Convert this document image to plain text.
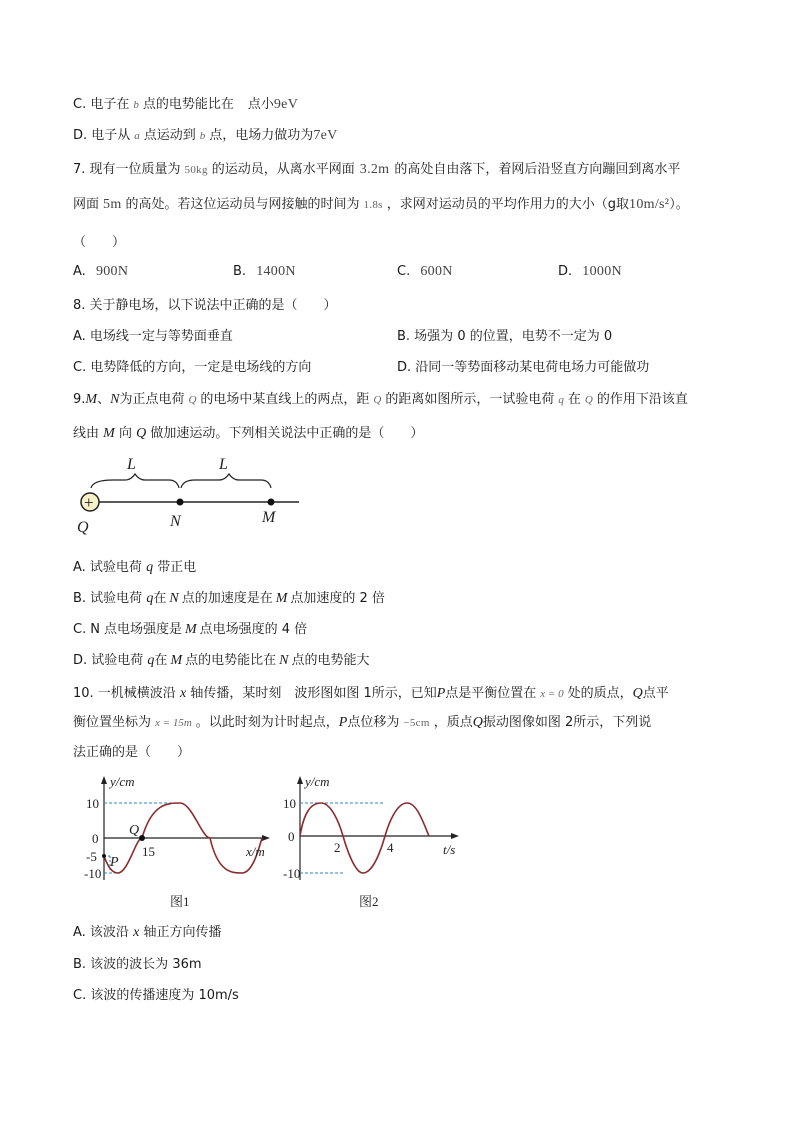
C. 电子在 b 点的电势能比在 点小9eV
D. 电子从 a 点运动到 b 点，电场力做功为7eV
7. 现有一位质量为 50kg 的运动员，从离水平网面 3.2m 的高处自由落下，着网后沿竖直方向蹦回到离水平
网面 5m 的高处。若这位运动员与网接触的时间为 1.8s ，求网对运动员的平均作用力的大小（g取10m/s²）。
（　　）
A. 900N	B. 1400N	C. 600N	D. 1000N
8. 关于静电场，以下说法中正确的是（　　）
A. 电场线一定与等势面垂直	B. 场强为 0 的位置，电势不一定为 0
C. 电势降低的方向，一定是电场线的方向	D. 沿同一等势面移动某电荷电场力可能做功
9.M、N为正点电荷 Q 的电场中某直线上的两点，距 Q 的距离如图所示，一试验电荷 q 在 Q 的作用下沿该直
线由 M 向 Q 做加速运动。下列相关说法中正确的是（　　）
L	L
+
Q	N	M
A. 试验电荷 q 带正电
B. 试验电荷 q在 N 点的加速度是在 M 点加速度的 2 倍
C. N 点电场强度是 M 点电场强度的 4 倍
D. 试验电荷 q在 M 点的电势能比在 N 点的电势能大
10. 一机械横波沿 x 轴传播，某时刻　波形图如图 1所示，已知P点是平衡位置在 x = 0 处的质点，Q点平
衡位置坐标为 x = 15m 。以此时刻为计时起点，P点位移为 −5cm ，质点Q振动图像如图 2所示，下列说
法正确的是（　　）
y/cm
x/m
10
0
-5
-10
15
Q
P
图1
y/cm
t/s
10
0
-10
2	4
图2
A. 该波沿 x 轴正方向传播
B. 该波的波长为 36m
C. 该波的传播速度为 10m/s
